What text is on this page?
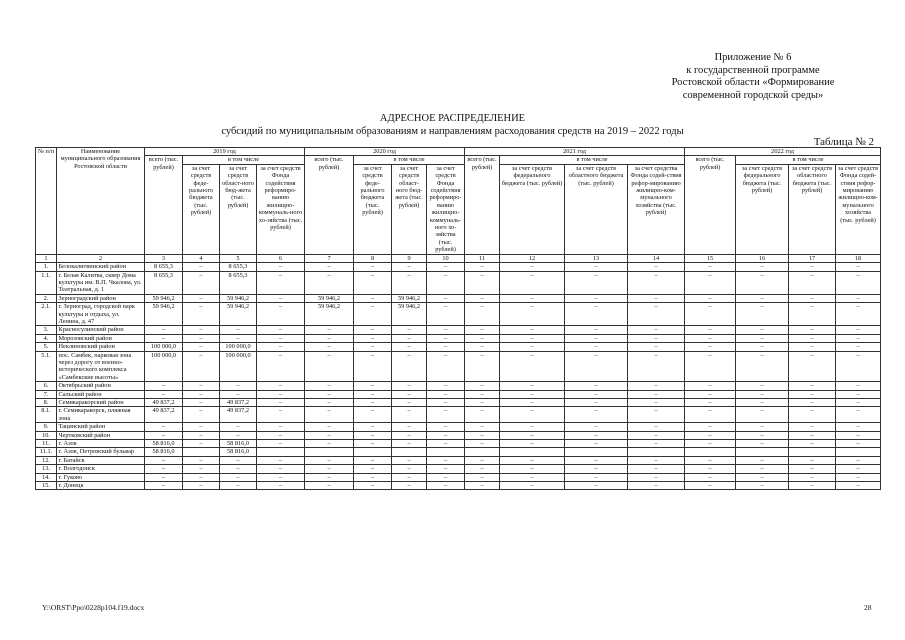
Приложение № 6
к государственной программе
Ростовской области «Формирование
современной городской среды»
АДРЕСНОЕ РАСПРЕДЕЛЕНИЕ
субсидий по муниципальным образованиям и направлениям расходования средств на 2019 – 2022 годы
Таблица № 2
№ п/п	Наименование муниципального образования Ростовской области	2019 год				2020 год				2021 год				2022 год			
		всего (тыс. рублей)	в том числе			всего (тыс. рублей)	в том числе			всего (тыс. рублей)	в том числе			всего (тыс. рублей)	в том числе		
			за счет средств феде-рального бюджета (тыс. рублей)	за счет средств област-ного бюд-жета (тыс. рублей)	за счет средств Фонда содействия реформиро-ванию жилищно-коммуналь-ного хо-зяйства (тыс. рублей)		за счет средств феде-рального бюджета (тыс. рублей)	за счет средств област-ного бюд-жета (тыс. рублей)	за счет средств Фонда содействия реформиро-ванию жилищно-коммуналь-ного хо-зяйства (тыс. рублей)		за счет средств федерального бюджета (тыс. рублей)	за счет средств областного бюджета (тыс. рублей)	за счет средства Фонда содей-ствия рефор-мированию жилищно-ком-мунального хозяйства (тыс. рублей)		за счет средств федерального бюджета (тыс. рублей)	за счет средств областного бюджета (тыс. рублей)	за счет средств Фонда содей-ствия рефор-мированию жилищно-ком-мунального хозяйства (тыс. рублей)
1	2	3	4	5	6	7	8	9	10	11	12	13	14	15	16	17	18
1.	Белокалитвинский район	8 655,3	–	8 655,3	–	–	–	–	–	–	–	–	–	–	–	–	–
1.1.	г. Белая Калитва, сквер Дома культуры им. В.П. Чкалова, ул. Театральная, д. 1	8 655,3	–	8 655,3	–	–	–	–	–	–	–	–	–	–	–	–	–
2.	Зерноградский район	59 946,2	–	59 946,2	–	59 946,2	–	59 946,2	–	–	–	–	–	–	–	–	–
2.1.	г. Зерноград, городской парк культуры и отдыха, ул. Ленина, д. 47	59 946,2	–	59 946,2	–	59 946,2	–	59 946,2	–	–	–	–	–	–	–	–	–
3.	Красносулинский район	–	–	–	–	–	–	–	–	–	–	–	–	–	–	–	–
4.	Морозовский район	–	–	–	–	–	–	–	–	–	–	–	–	–	–	–	–
5.	Неклиновский район	100 000,0	–	100 000,0	–	–	–	–	–	–	–	–	–	–	–	–	–
5.1.	пос. Самбек, парковая зона через дорогу от военно-исторического комплекса «Самбекские высоты»	100 000,0	–	100 000,0	–	–	–	–	–	–	–	–	–	–	–	–	–
6.	Октябрьский район	–	–	–	–	–	–	–	–	–	–	–	–	–	–	–	–
7.	Сальский район	–	–	–	–	–	–	–	–	–	–	–	–	–	–	–	–
8.	Семикаракорский район	49 837,2	–	49 837,2	–	–	–	–	–	–	–	–	–	–	–	–	–
8.1.	г. Семикаракорск, пляжная зона	49 837,2	–	49 837,2	–	–	–	–	–	–	–	–	–	–	–	–	–
9.	Тацинский район	–	–	–	–	–	–	–	–	–	–	–	–	–	–	–	–
10.	Чертковский район	–	–	–	–	–	–	–	–	–	–	–	–	–	–	–	–
11.	г. Азов	58 816,0	–	58 816,0	–	–	–	–	–	–	–	–	–	–	–	–	–
11.1.	г. Азов, Петровский бульвар	58 816,0		58 816,0													
12.	г. Батайск	–	–	–	–	–	–	–	–	–	–	–	–	–	–	–	–
13.	г. Волгодонск	–	–	–	–	–	–	–	–	–	–	–	–	–	–	–	–
14.	г. Гуково	–	–	–	–	–	–	–	–	–	–	–	–	–	–	–	–
15.	г. Донецк	–	–	–	–	–	–	–	–	–	–	–	–	–	–	–	–
Y:\ORST\Ppo\0228p104.f19.docx	28
